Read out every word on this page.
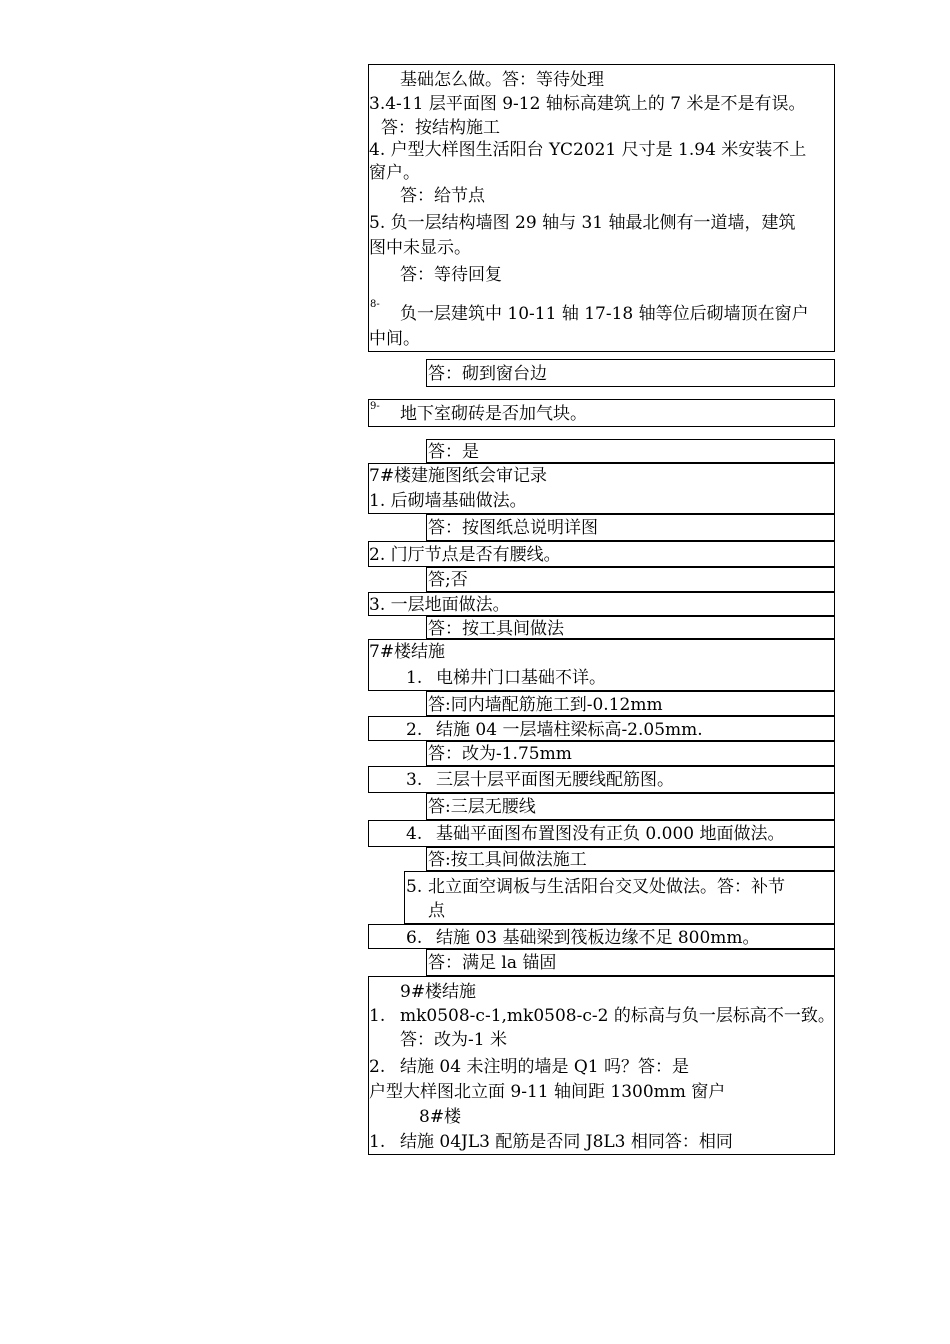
基础怎么做。答：等待处理
3.4-11 层平面图 9-12 轴标高建筑上的 7 米是不是有误。
答：按结构施工
4. 户型大样图生活阳台 YC2021 尺寸是 1.94 米安装不上
窗户。
答：给节点
5. 负一层结构墙图 29 轴与 31 轴最北侧有一道墙，建筑
图中未显示。
答：等待回复
8- 负一层建筑中 10-11 轴 17-18 轴等位后砌墙顶在窗户
中间。
答：砌到窗台边
9- 地下室砌砖是否加气块。
答：是
7#楼建施图纸会审记录
1. 后砌墙基础做法。
答：按图纸总说明详图
2. 门厅节点是否有腰线。
答;否
3. 一层地面做法。
答：按工具间做法
7#楼结施
1. 电梯井门口基础不详。
答:同内墙配筋施工到-0.12mm
2. 结施 04 一层墙柱梁标高-2.05mm.
答：改为-1.75mm
3. 三层十层平面图无腰线配筋图。
答:三层无腰线
4. 基础平面图布置图没有正负 0.000 地面做法。
答:按工具间做法施工
5. 北立面空调板与生活阳台交叉处做法。答：补节
点
6. 结施 03 基础梁到筏板边缘不足 800mm。
答：满足 la 锚固
9#楼结施
1. mk0508-c-1,mk0508-c-2 的标高与负一层标高不一致。
答：改为-1 米
2. 结施 04 未注明的墙是 Q1 吗？答：是
户型大样图北立面 9-11 轴间距 1300mm 窗户
8#楼
1. 结施 04JL3 配筋是否同 J8L3 相同答：相同
